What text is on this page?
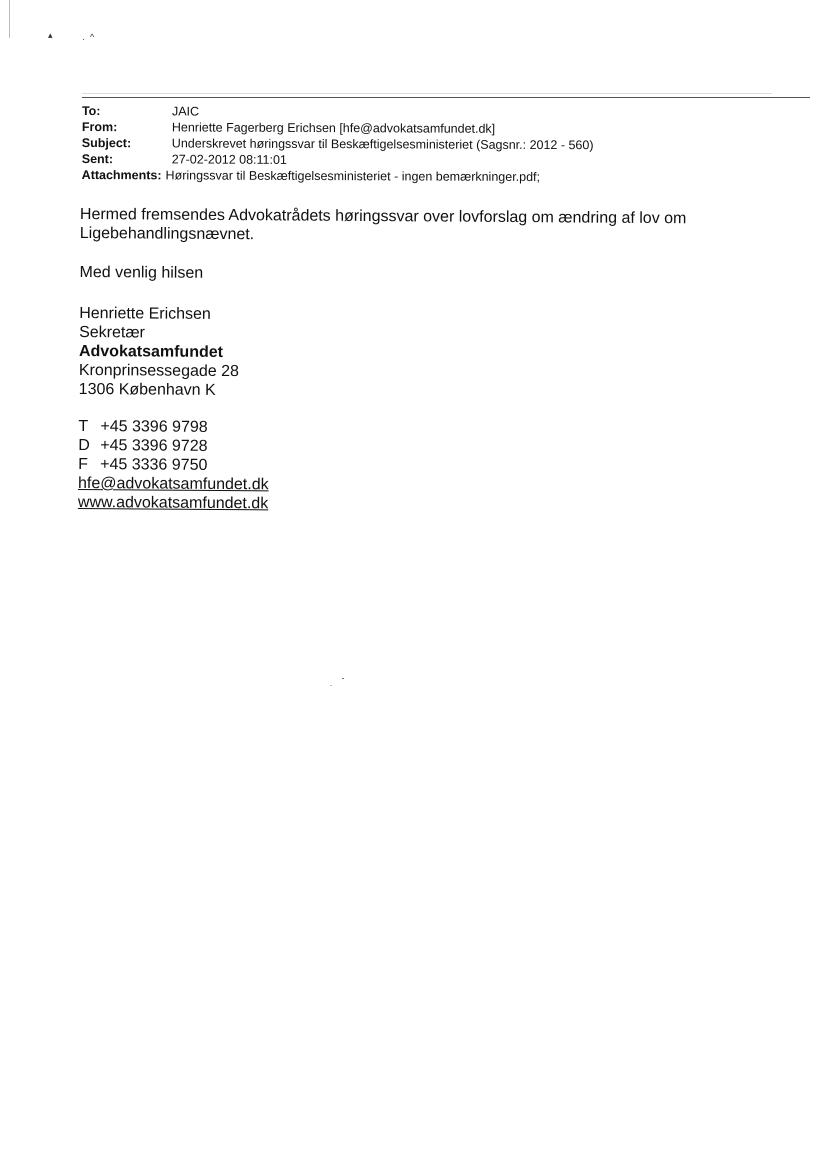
▴	· ^
To:	JAIC
From:	Henriette Fagerberg Erichsen [hfe@advokatsamfundet.dk]
Subject:	Underskrevet høringssvar til Beskæftigelsesministeriet (Sagsnr.: 2012 - 560)
Sent:	27-02-2012 08:11:01
Attachments: Høringssvar til Beskæftigelsesministeriet - ingen bemærkninger.pdf;

Hermed fremsendes Advokatrådets høringssvar over lovforslag om ændring af lov om
Ligebehandlingsnævnet.

Med venlig hilsen

Henriette Erichsen
Sekretær
Advokatsamfundet
Kronprinsessegade 28
1306 København K
T +45 3396 9798
D +45 3396 9728
F +45 3336 9750
hfe@advokatsamfundet.dk
www.advokatsamfundet.dk
